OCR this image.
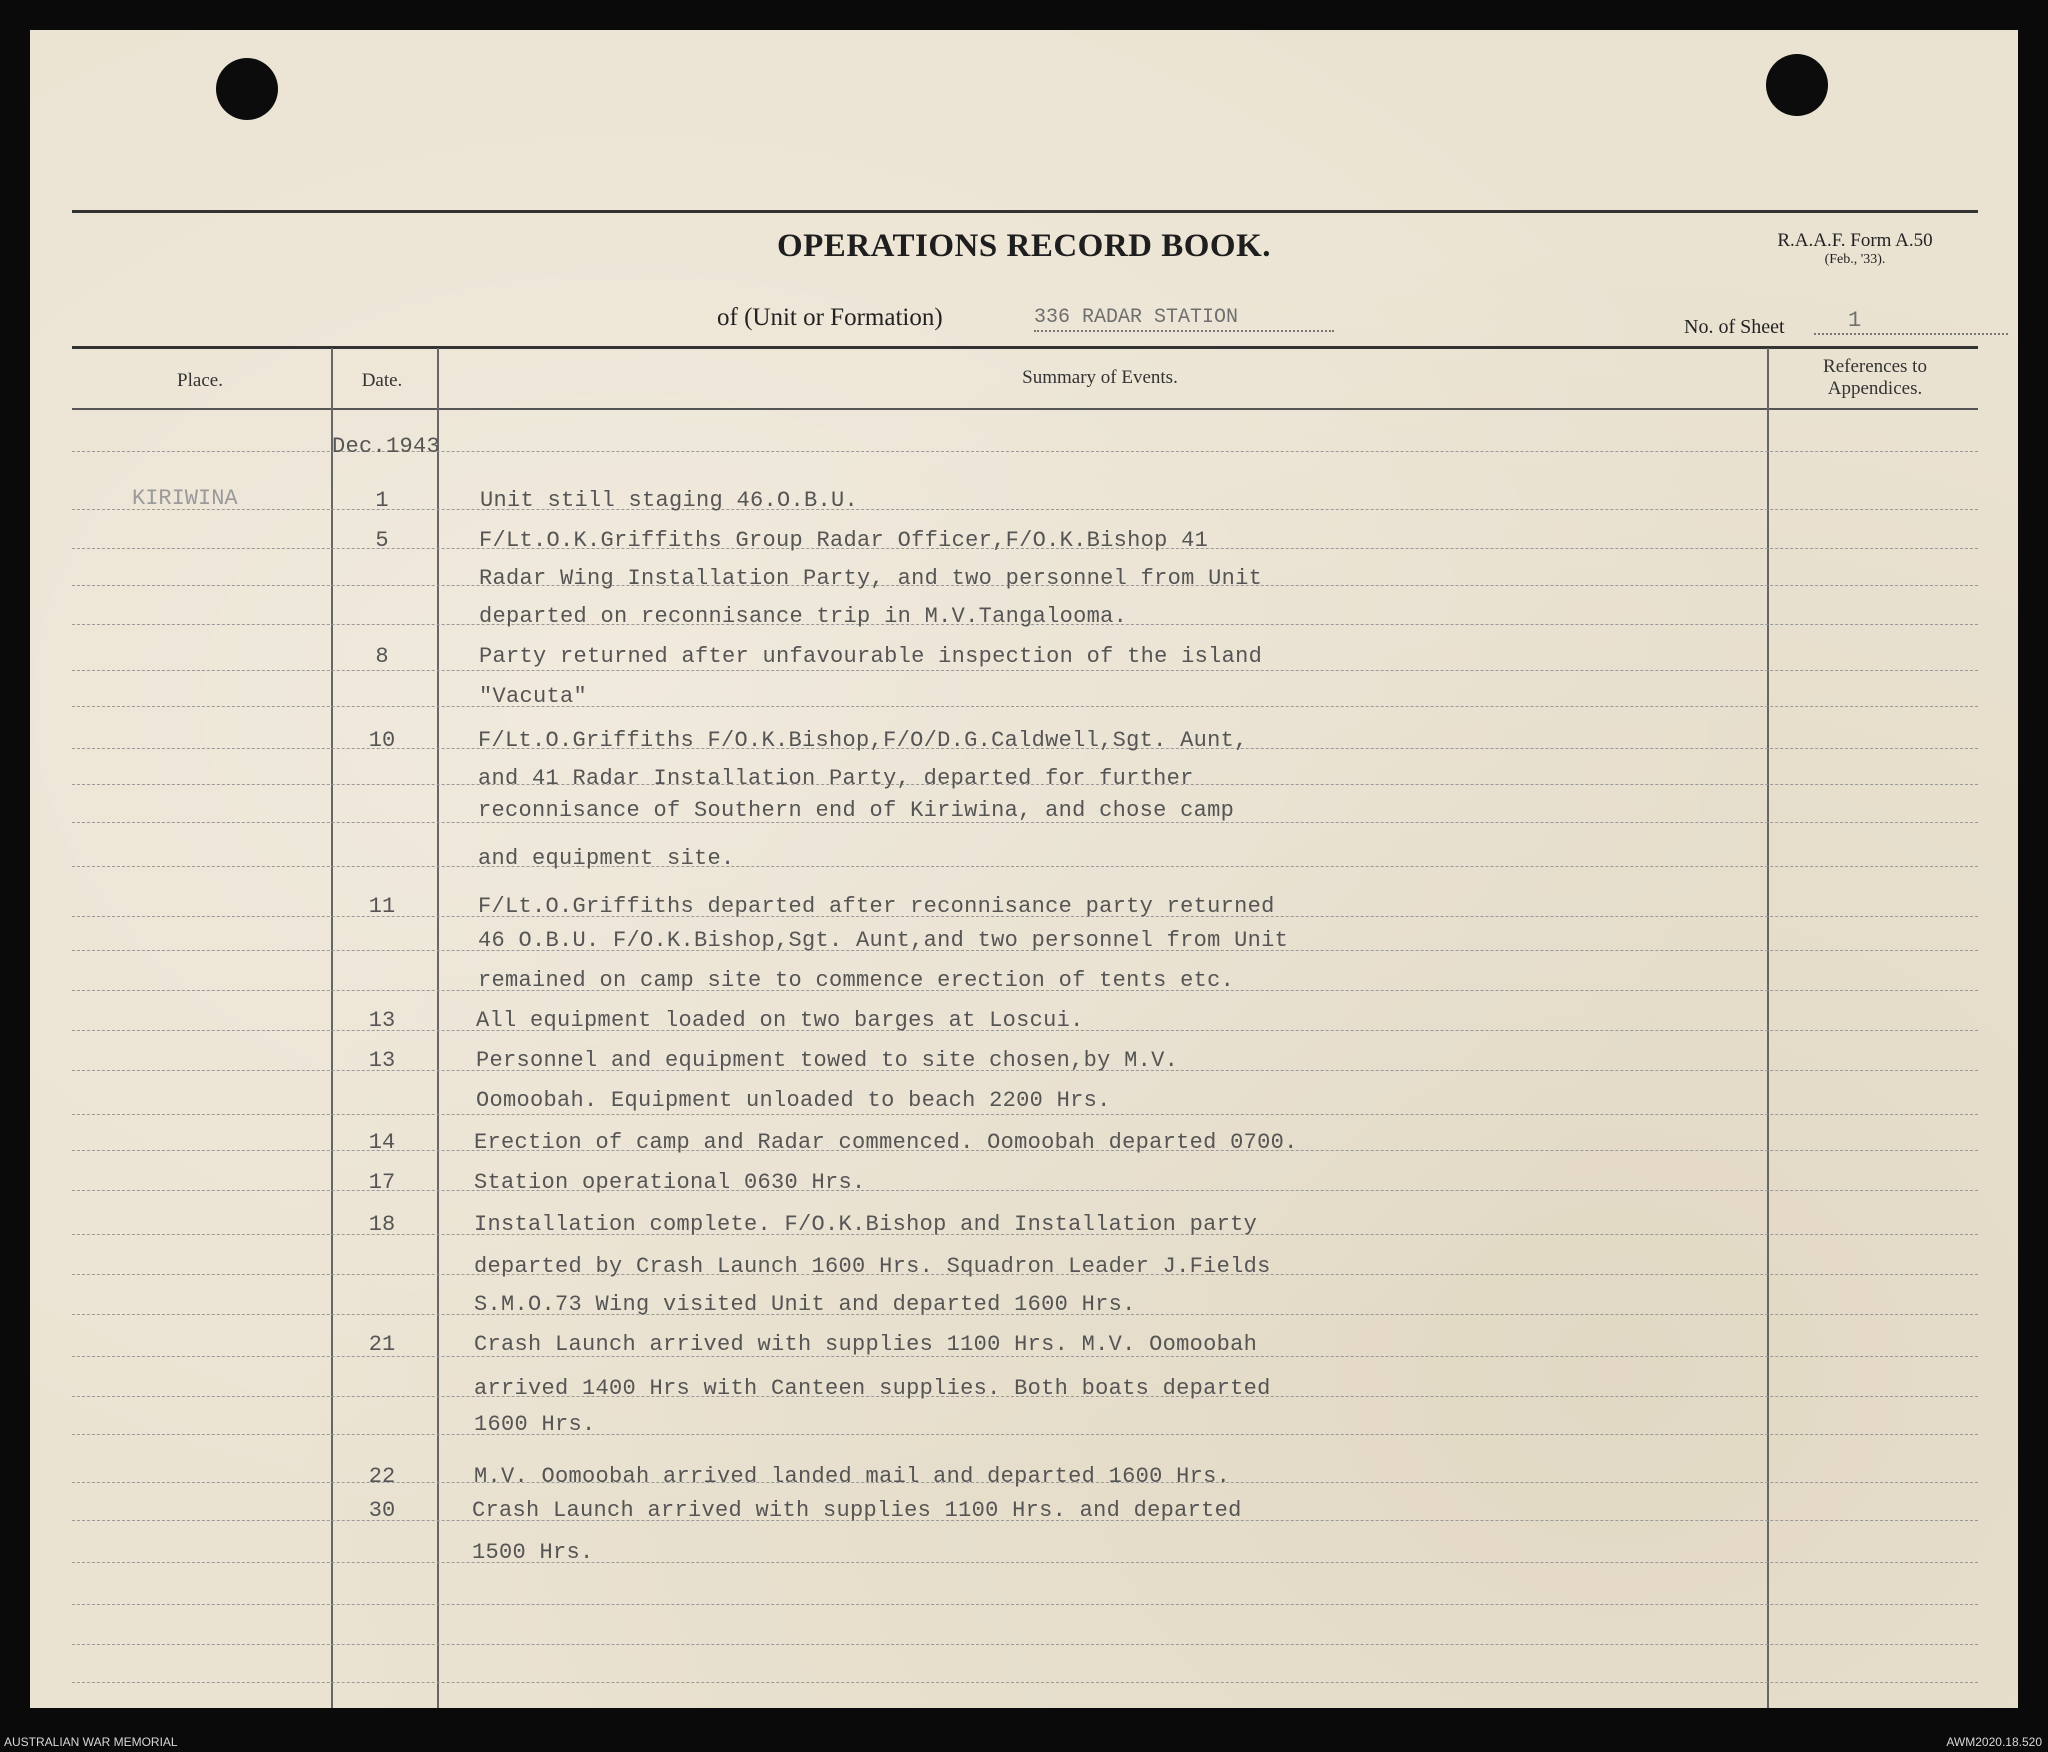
OPERATIONS RECORD BOOK.	R.A.A.F. Form A.50
(Feb., '33).
of (Unit or Formation)	336 RADAR STATION	No. of Sheet	1
Place.	Date.	Summary of Events.
References to
Appendices.
Dec.1943
KIRIWINA	1	Unit still staging 46.O.B.U.
5	F/Lt.O.K.Griffiths Group Radar Officer,F/O.K.Bishop 41
Radar Wing Installation Party, and two personnel from Unit
departed on reconnisance trip in M.V.Tangalooma.
8	Party returned after unfavourable inspection of the island
"Vacuta"
10	F/Lt.O.Griffiths F/O.K.Bishop,F/O/D.G.Caldwell,Sgt. Aunt,
and 41 Radar Installation Party, departed for further
reconnisance of Southern end of Kiriwina, and chose camp
and equipment site.
11	F/Lt.O.Griffiths departed after reconnisance party returned
46 O.B.U. F/O.K.Bishop,Sgt. Aunt,and two personnel from Unit
remained on camp site to commence erection of tents etc.
13	All equipment loaded on two barges at Loscui.
13	Personnel and equipment towed to site chosen,by M.V.
Oomoobah. Equipment unloaded to beach 2200 Hrs.
14	Erection of camp and Radar commenced. Oomoobah departed 0700.
17	Station operational 0630 Hrs.
18	Installation complete. F/O.K.Bishop and Installation party
departed by Crash Launch 1600 Hrs. Squadron Leader J.Fields
S.M.O.73 Wing visited Unit and departed 1600 Hrs.
21	Crash Launch arrived with supplies 1100 Hrs. M.V. Oomoobah
arrived 1400 Hrs with Canteen supplies. Both boats departed
1600 Hrs.
22	M.V. Oomoobah arrived landed mail and departed 1600 Hrs.
30	Crash Launch arrived with supplies 1100 Hrs. and departed
1500 Hrs.
AUSTRALIAN WAR MEMORIAL	AWM2020.18.520
